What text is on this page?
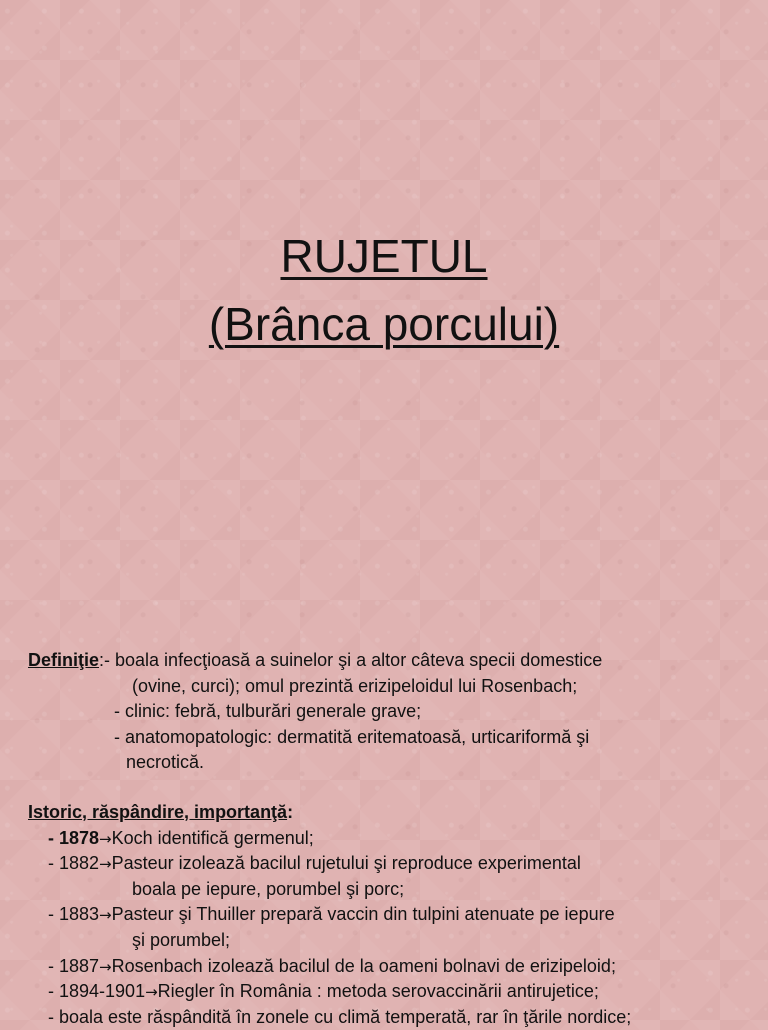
RUJETUL
(Brânca porcului)
Definiţie:- boala infecţioasă a suinelor şi a altor câteva specii domestice
(ovine, curci); omul prezintă erizipeloidul lui Rosenbach;
- clinic: febră, tulburări generale grave;
- anatomopatologic: dermatită eritematoasă, urticariformă şi
necrotică.
Istoric, răspândire, importanţă:
- 1878→Koch identifică germenul;
- 1882→Pasteur izolează bacilul rujetului şi reproduce experimental
boala pe iepure, porumbel şi porc;
- 1883→Pasteur şi Thuiller prepară vaccin din tulpini atenuate pe iepure
şi porumbel;
- 1887→Rosenbach izolează bacilul de la oameni bolnavi de erizipeloid;
- 1894-1901→Riegler în România : metoda serovaccinării antirujetice;
- boala este răspândită în zonele cu climă temperată, rar în ţările nordice;
